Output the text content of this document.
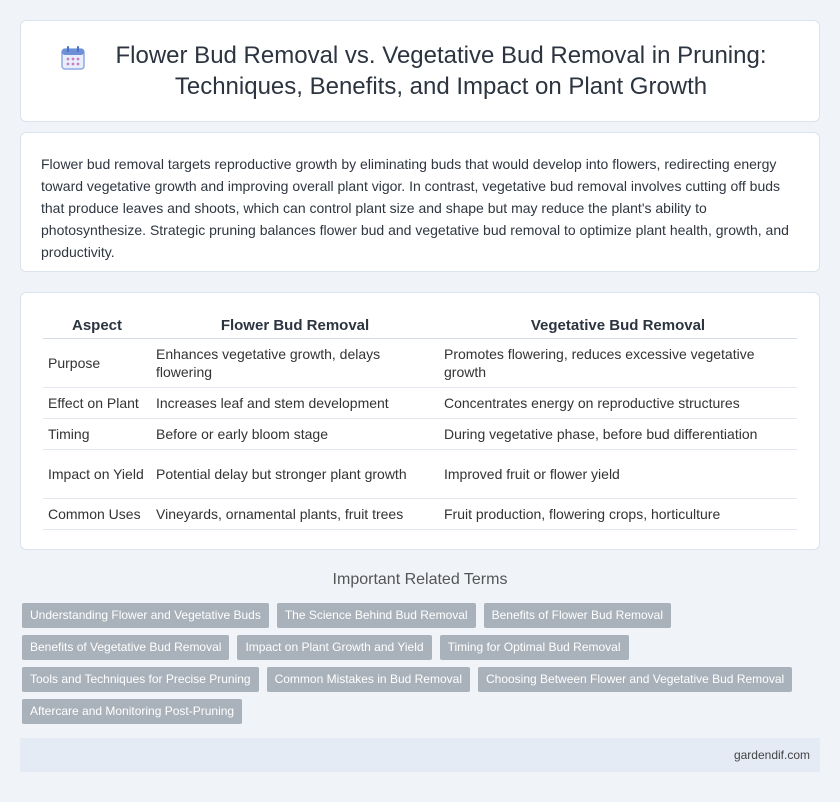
Flower Bud Removal vs. Vegetative Bud Removal in Pruning: Techniques, Benefits, and Impact on Plant Growth

Flower bud removal targets reproductive growth by eliminating buds that would develop into flowers, redirecting energy toward vegetative growth and improving overall plant vigor. In contrast, vegetative bud removal involves cutting off buds that produce leaves and shoots, which can control plant size and shape but may reduce the plant's ability to photosynthesize. Strategic pruning balances flower bud and vegetative bud removal to optimize plant health, growth, and productivity.

Aspect	Flower Bud Removal	Vegetative Bud Removal
Purpose	Enhances vegetative growth, delays flowering	Promotes flowering, reduces excessive vegetative growth
Effect on Plant	Increases leaf and stem development	Concentrates energy on reproductive structures
Timing	Before or early bloom stage	During vegetative phase, before bud differentiation
Impact on Yield	Potential delay but stronger plant growth	Improved fruit or flower yield
Common Uses	Vineyards, ornamental plants, fruit trees	Fruit production, flowering crops, horticulture
Important Related Terms
Understanding Flower and Vegetative Buds	The Science Behind Bud Removal	Benefits of Flower Bud Removal
Benefits of Vegetative Bud Removal	Impact on Plant Growth and Yield	Timing for Optimal Bud Removal
Tools and Techniques for Precise Pruning	Common Mistakes in Bud Removal	Choosing Between Flower and Vegetative Bud Removal
Aftercare and Monitoring Post-Pruning
gardendif.com
